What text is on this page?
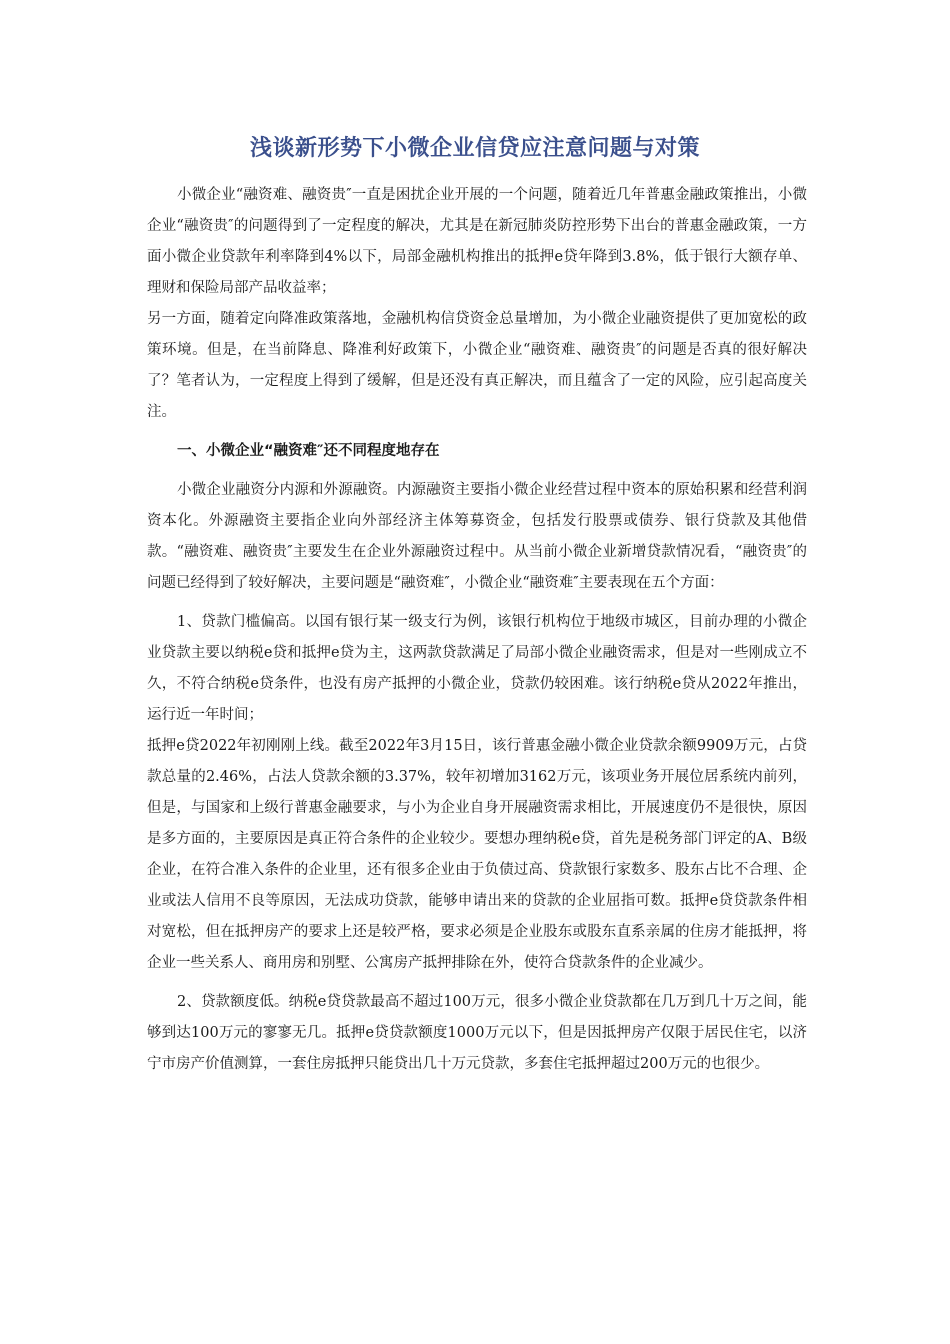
浅谈新形势下小微企业信贷应注意问题与对策

小微企业“融资难、融资贵″一直是困扰企业开展的一个问题，随着近几年普惠金融政策推出，小微企业“融资贵″的问题得到了一定程度的解决，尤其是在新冠肺炎防控形势下出台的普惠金融政策，一方面小微企业贷款年利率降到4%以下，局部金融机构推出的抵押e贷年降到3.8%，低于银行大额存单、理财和保险局部产品收益率；

另一方面，随着定向降准政策落地，金融机构信贷资金总量增加，为小微企业融资提供了更加宽松的政策环境。但是，在当前降息、降准利好政策下，小微企业“融资难、融资贵″的问题是否真的很好解决了？笔者认为，一定程度上得到了缓解，但是还没有真正解决，而且蕴含了一定的风险，应引起高度关注。

一、小微企业“融资难″还不同程度地存在

小微企业融资分内源和外源融资。内源融资主要指小微企业经营过程中资本的原始积累和经营利润资本化。外源融资主要指企业向外部经济主体筹募资金，包括发行股票或债券、银行贷款及其他借款。“融资难、融资贵″主要发生在企业外源融资过程中。从当前小微企业新增贷款情况看，“融资贵″的问题已经得到了较好解决，主要问题是“融资难″，小微企业“融资难″主要表现在五个方面：

1、贷款门槛偏高。以国有银行某一级支行为例，该银行机构位于地级市城区，目前办理的小微企业贷款主要以纳税e贷和抵押e贷为主，这两款贷款满足了局部小微企业融资需求，但是对一些刚成立不久，不符合纳税e贷条件，也没有房产抵押的小微企业，贷款仍较困难。该行纳税e贷从2022年推出，运行近一年时间；

抵押e贷2022年初刚刚上线。截至2022年3月15日，该行普惠金融小微企业贷款余额9909万元，占贷款总量的2.46%，占法人贷款余额的3.37%，较年初增加3162万元，该项业务开展位居系统内前列，但是，与国家和上级行普惠金融要求，与小为企业自身开展融资需求相比，开展速度仍不是很快，原因是多方面的，主要原因是真正符合条件的企业较少。要想办理纳税e贷，首先是税务部门评定的A、B级企业，在符合准入条件的企业里，还有很多企业由于负债过高、贷款银行家数多、股东占比不合理、企业或法人信用不良等原因，无法成功贷款，能够申请出来的贷款的企业屈指可数。抵押e贷贷款条件相对宽松，但在抵押房产的要求上还是较严格，要求必须是企业股东或股东直系亲属的住房才能抵押，将企业一些关系人、商用房和别墅、公寓房产抵押排除在外，使符合贷款条件的企业减少。

2、贷款额度低。纳税e贷贷款最高不超过100万元，很多小微企业贷款都在几万到几十万之间，能够到达100万元的寥寥无几。抵押e贷贷款额度1000万元以下，但是因抵押房产仅限于居民住宅，以济宁市房产价值测算，一套住房抵押只能贷出几十万元贷款，多套住宅抵押超过200万元的也很少。
